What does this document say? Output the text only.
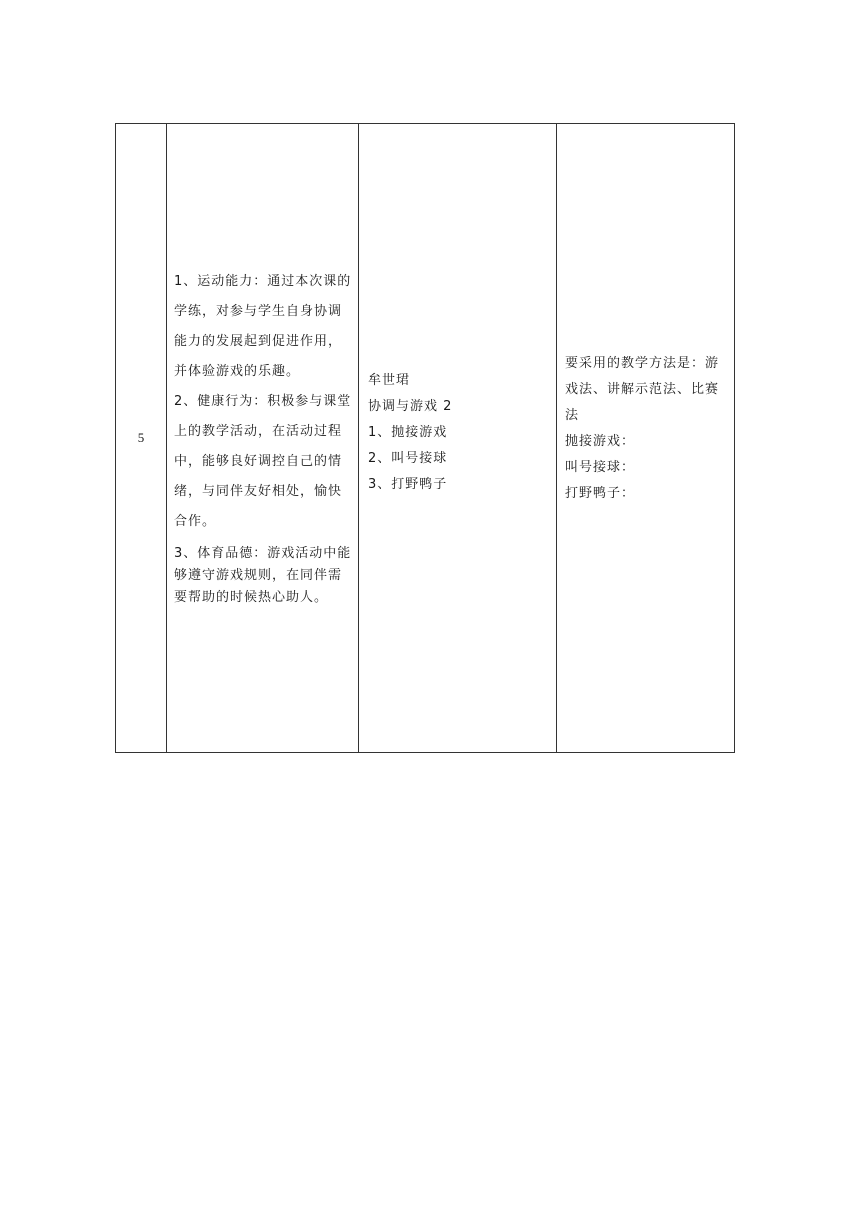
5	
1、运动能力：通过本次课的学练，对参与学生自身协调能力的发展起到促进作用，并体验游戏的乐趣。
2、健康行为：积极参与课堂上的教学活动，在活动过程中，能够良好调控自己的情绪，与同伴友好相处，愉快合作。
3、体育品德：游戏活动中能够遵守游戏规则，在同伴需要帮助的时候热心助人。

牟世珺
协调与游戏 2
1、抛接游戏
2、叫号接球
3、打野鸭子

要采用的教学方法是：游戏法、讲解示范法、比赛法
抛接游戏：
叫号接球：
打野鸭子：
